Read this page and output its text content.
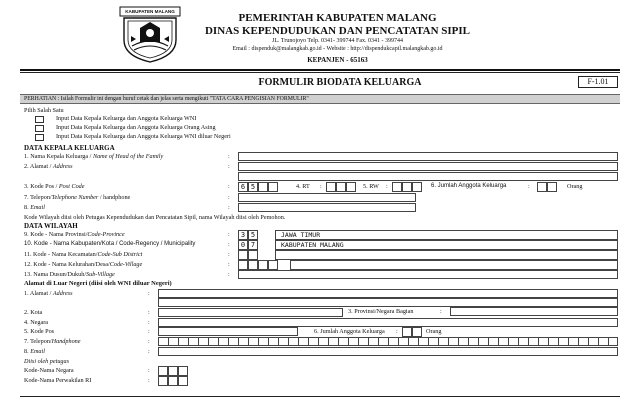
KABUPATEN MALANG
PEMERINTAH KABUPATEN MALANG
DINAS KEPENDUDUKAN DAN PENCATATAN SIPIL
JL. Trunojoyo Telp. 0341- 399744 Fax. 0341 - 399744
Email : dispenduk@malangkab.go.id - Website : http://dispendukcapil.malangkab.go.id
KEPANJEN - 65163
FORMULIR BIODATA KELUARGA	F-1.01
PERHATIAN : Isilah Formulir ini dengan huruf cetak dan jelas serta mengikuti "TATA CARA PENGISIAN FORMULIR"
Pilih Salah Satu
Input Data Kepala Keluarga dan Anggota Keluarga WNI
Input Data Kepala Keluarga dan Anggota Keluarga Orang Asing
Input Data Kepala Keluarga dan Anggota Keluarga WNI diluar Negeri
DATA KEPALA KELUARGA
1. Nama Kepala Keluarga / Name of Head of the Family	:
2. Alamat / Address	:
3. Kode Pos / Post Code	:	6 5	4. RT :	5. RW :	6. Jumlah Anggota Keluarga	:	Orang
7. Telepon/Telephone Number / handphone	:
8. Email	:
Kode Wilayah diisi oleh Petugas Kependudukan dan Pencatatan Sipil, nama Wilayah diisi oleh Pemohon.
DATA WILAYAH
9. Kode - Nama Provinsi/Code-Province	:	3 5	JAWA TIMUR
10. Kode - Nama Kabupaten/Kota / Code-Regency / Municipality	:	0 7	KABUPATEN MALANG
11. Kode - Nama Kecamatan/Code-Sub District	:
12. Kode - Nama Kelurahan/Desa/Code-Village	:
13. Nama Dusun/Dukuh/Sub-Village	:
Alamat di Luar Negeri (diisi oleh WNI diluar Negeri)
1. Alamat / Address	:
2. Kota	:	3. Provinsi/Negara Bagian	:
4. Negara	:
5. Kode Pos	:	6. Jumlah Anggota Keluarga :	Orang
7. Telepon/Handphone	:
8. Email	:
Diisi oleh petugas
Kode-Nama Negara	:
Kode-Nama Perwakilan RI	:
